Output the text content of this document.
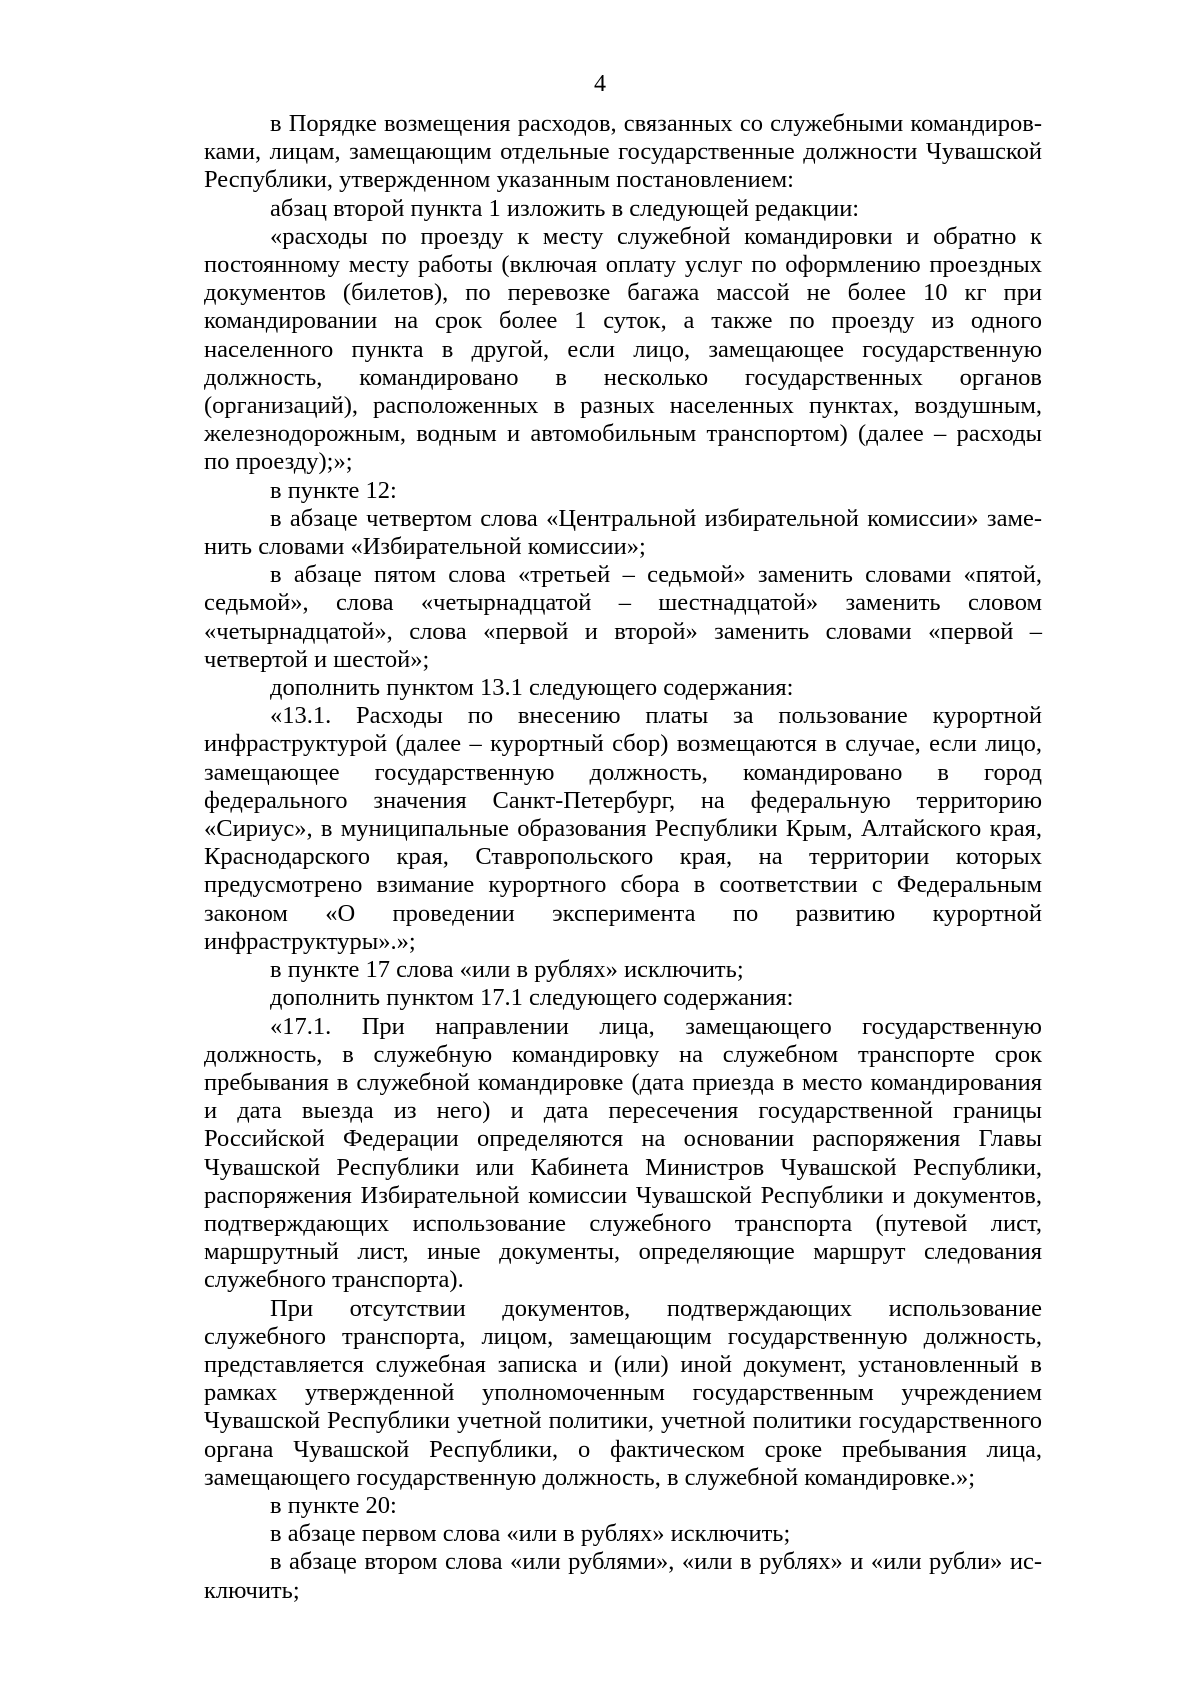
4

в Порядке возмещения расходов, связанных со служебными командировками, лицам, замещающим отдельные государственные должности Чувашской Республики, утвержденном указанным постановлением:

абзац второй пункта 1 изложить в следующей редакции:

«расходы по проезду к месту служебной командировки и обратно к постоянному месту работы (включая оплату услуг по оформлению проездных документов (билетов), по перевозке багажа массой не более 10 кг при командировании на срок более 1 суток, а также по проезду из одного населенного пункта в другой, если лицо, замещающее государственную должность, командировано в несколько государственных органов (организаций), расположенных в разных населенных пунктах, воздушным, железнодорожным, водным и автомобильным транспортом) (далее – расходы по проезду);»;

в пункте 12:

в абзаце четвертом слова «Центральной избирательной комиссии» заменить словами «Избирательной комиссии»;

в абзаце пятом слова «третьей – седьмой» заменить словами «пятой, седьмой», слова «четырнадцатой – шестнадцатой» заменить словом «четырнадцатой», слова «первой и второй» заменить словами «первой – четвертой и шестой»;

дополнить пунктом 13.1 следующего содержания:

«13.1. Расходы по внесению платы за пользование курортной инфраструктурой (далее – курортный сбор) возмещаются в случае, если лицо, замещающее государственную должность, командировано в город федерального значения Санкт-Петербург, на федеральную территорию «Сириус», в муниципальные образования Республики Крым, Алтайского края, Краснодарского края, Ставропольского края, на территории которых предусмотрено взимание курортного сбора в соответствии с Федеральным законом «О проведении эксперимента по развитию курортной инфраструктуры».»;

в пункте 17 слова «или в рублях» исключить;

дополнить пунктом 17.1 следующего содержания:

«17.1. При направлении лица, замещающего государственную должность, в служебную командировку на служебном транспорте срок пребывания в служебной командировке (дата приезда в место командирования и дата выезда из него) и дата пересечения государственной границы Российской Федерации определяются на основании распоряжения Главы Чувашской Республики или Кабинета Министров Чувашской Республики, распоряжения Избирательной комиссии Чувашской Республики и документов, подтверждающих использование служебного транспорта (путевой лист, маршрутный лист, иные документы, определяющие маршрут следования служебного транспорта).

При отсутствии документов, подтверждающих использование служебного транспорта, лицом, замещающим государственную должность, представляется служебная записка и (или) иной документ, установленный в рамках утвержденной уполномоченным государственным учреждением Чувашской Республики учетной политики, учетной политики государственного органа Чувашской Республики, о фактическом сроке пребывания лица, замещающего государственную должность, в служебной командировке.»;

в пункте 20:

в абзаце первом слова «или в рублях» исключить;

в абзаце втором слова «или рублями», «или в рублях» и «или рубли» исключить;
